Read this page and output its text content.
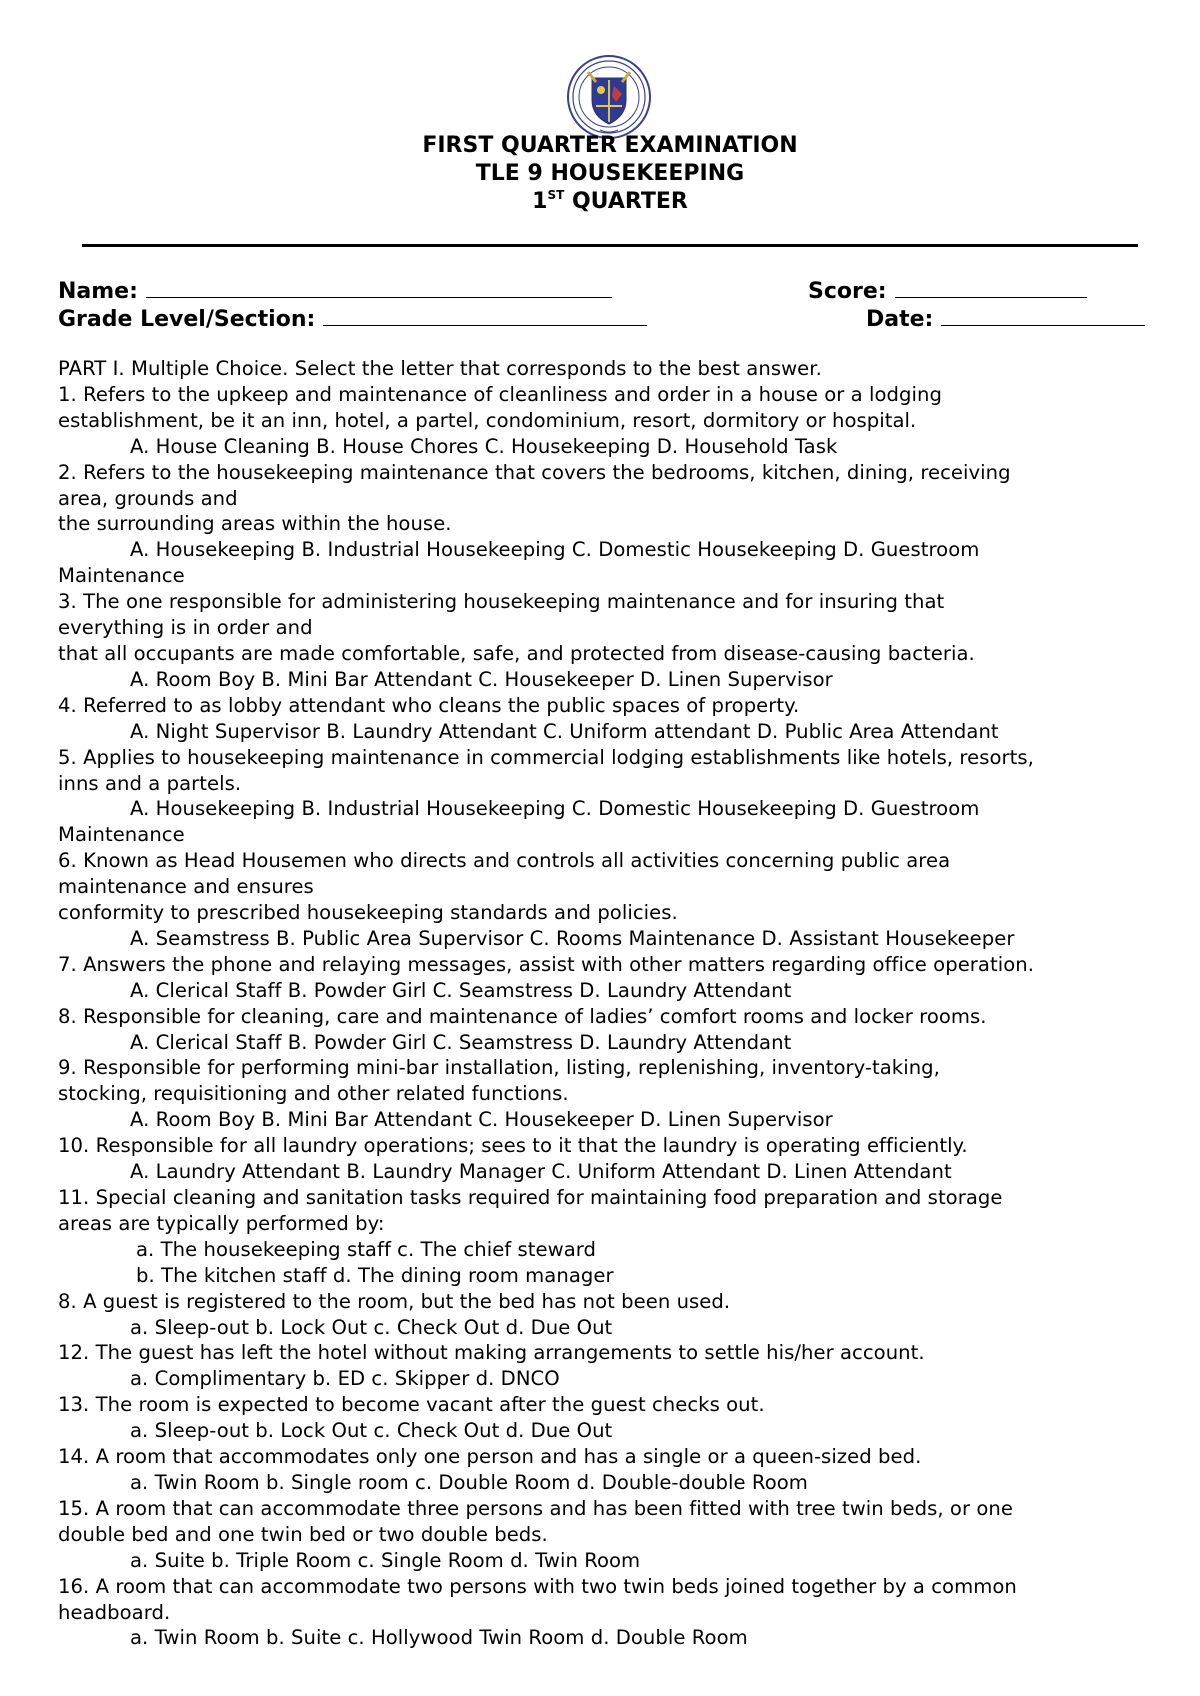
FIRST QUARTER EXAMINATION
TLE 9 HOUSEKEEPING
1ST QUARTER
Name:	Score:
Grade Level/Section:	Date:
PART I. Multiple Choice. Select the letter that corresponds to the best answer.
1. Refers to the upkeep and maintenance of cleanliness and order in a house or a lodging
establishment, be it an inn, hotel, a partel, condominium, resort, dormitory or hospital.
A. House Cleaning B. House Chores C. Housekeeping D. Household Task
2. Refers to the housekeeping maintenance that covers the bedrooms, kitchen, dining, receiving
area, grounds and
the surrounding areas within the house.
A. Housekeeping B. Industrial Housekeeping C. Domestic Housekeeping D. Guestroom
Maintenance
3. The one responsible for administering housekeeping maintenance and for insuring that
everything is in order and
that all occupants are made comfortable, safe, and protected from disease-causing bacteria.
A. Room Boy B. Mini Bar Attendant C. Housekeeper D. Linen Supervisor
4. Referred to as lobby attendant who cleans the public spaces of property.
A. Night Supervisor B. Laundry Attendant C. Uniform attendant D. Public Area Attendant
5. Applies to housekeeping maintenance in commercial lodging establishments like hotels, resorts,
inns and a partels.
A. Housekeeping B. Industrial Housekeeping C. Domestic Housekeeping D. Guestroom
Maintenance
6. Known as Head Housemen who directs and controls all activities concerning public area
maintenance and ensures
conformity to prescribed housekeeping standards and policies.
A. Seamstress B. Public Area Supervisor C. Rooms Maintenance D. Assistant Housekeeper
7. Answers the phone and relaying messages, assist with other matters regarding office operation.
A. Clerical Staff B. Powder Girl C. Seamstress D. Laundry Attendant
8. Responsible for cleaning, care and maintenance of ladies’ comfort rooms and locker rooms.
A. Clerical Staff B. Powder Girl C. Seamstress D. Laundry Attendant
9. Responsible for performing mini-bar installation, listing, replenishing, inventory-taking,
stocking, requisitioning and other related functions.
A. Room Boy B. Mini Bar Attendant C. Housekeeper D. Linen Supervisor
10. Responsible for all laundry operations; sees to it that the laundry is operating efficiently.
A. Laundry Attendant B. Laundry Manager C. Uniform Attendant D. Linen Attendant
11. Special cleaning and sanitation tasks required for maintaining food preparation and storage
areas are typically performed by:
a. The housekeeping staff c. The chief steward
b. The kitchen staff d. The dining room manager
8. A guest is registered to the room, but the bed has not been used.
a. Sleep-out b. Lock Out c. Check Out d. Due Out
12. The guest has left the hotel without making arrangements to settle his/her account.
a. Complimentary b. ED c. Skipper d. DNCO
13. The room is expected to become vacant after the guest checks out.
a. Sleep-out b. Lock Out c. Check Out d. Due Out
14. A room that accommodates only one person and has a single or a queen-sized bed.
a. Twin Room b. Single room c. Double Room d. Double-double Room
15. A room that can accommodate three persons and has been fitted with tree twin beds, or one
double bed and one twin bed or two double beds.
a. Suite b. Triple Room c. Single Room d. Twin Room
16. A room that can accommodate two persons with two twin beds joined together by a common
headboard.
a. Twin Room b. Suite c. Hollywood Twin Room d. Double Room
